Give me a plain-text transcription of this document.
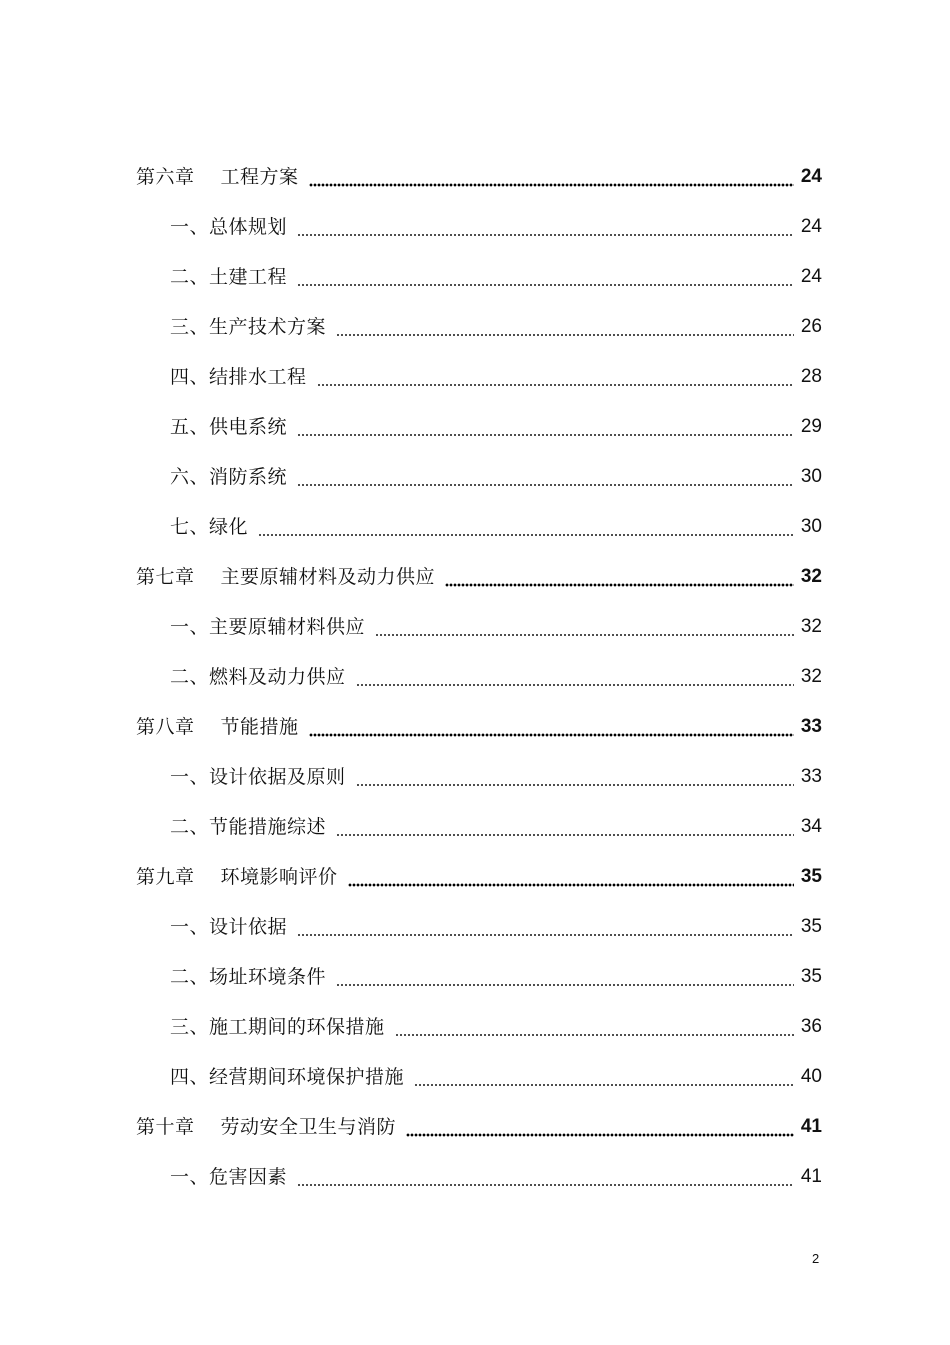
第六章　 工程方案	24
一、总体规划	24
二、土建工程	24
三、生产技术方案	26
四、结排水工程	28
五、供电系统	29
六、消防系统	30
七、绿化	30
第七章　 主要原辅材料及动力供应	32
一、主要原辅材料供应	32
二、燃料及动力供应	32
第八章　 节能措施	33
一、设计依据及原则	33
二、节能措施综述	34
第九章　 环境影响评价	35
一、设计依据	35
二、场址环境条件	35
三、施工期间的环保措施	36
四、经营期间环境保护措施	40
第十章　 劳动安全卫生与消防	41
一、危害因素	41
2
